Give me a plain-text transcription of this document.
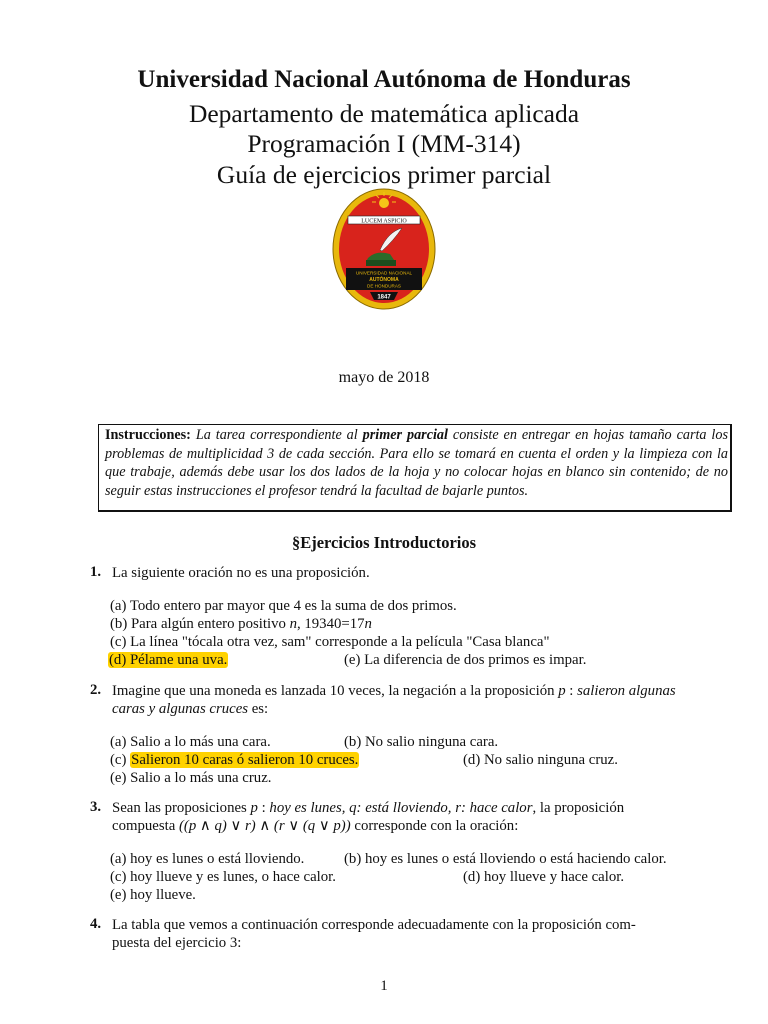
Universidad Nacional Autónoma de Honduras
Departamento de matemática aplicada
Programación I (MM-314)
Guía de ejercicios primer parcial
LUCEM ASPICIO
UNIVERSIDAD NACIONAL
AUTÓNOMA
DE HONDURAS
1847
mayo de 2018
Instrucciones: La tarea correspondiente al primer parcial consiste en entregar en hojas tamaño carta los problemas de multiplicidad 3 de cada sección. Para ello se tomará en cuenta el orden y la limpieza con la que trabaje, además debe usar los dos lados de la hoja y no colocar hojas en blanco sin contenido; de no seguir estas instrucciones el profesor tendrá la facultad de bajarle puntos.
§Ejercicios Introductorios
1. La siguiente oración no es una proposición.
(a) Todo entero par mayor que 4 es la suma de dos primos.
(b) Para algún entero positivo n, 19340=17n
(c) La línea "tócala otra vez, sam" corresponde a la película "Casa blanca"
(d) Pélame una uva.	(e) La diferencia de dos primos es impar.
2. Imagine que una moneda es lanzada 10 veces, la negación a la proposición p : salieron algunas
caras y algunas cruces es:
(a) Salio a lo más una cara.	(b) No salio ninguna cara.
(c) Salieron 10 caras ó salieron 10 cruces.	(d) No salio ninguna cruz.
(e) Salio a lo más una cruz.
3. Sean las proposiciones p : hoy es lunes, q: está lloviendo, r: hace calor, la proposición
compuesta ((p ∧ q) ∨ r) ∧ (r ∨ (q ∨ p)) corresponde con la oración:
(a) hoy es lunes o está lloviendo.	(b) hoy es lunes o está lloviendo o está haciendo calor.
(c) hoy llueve y es lunes, o hace calor.	(d) hoy llueve y hace calor.
(e) hoy llueve.
4. La tabla que vemos a continuación corresponde adecuadamente con la proposición com-
puesta del ejercicio 3:
1
